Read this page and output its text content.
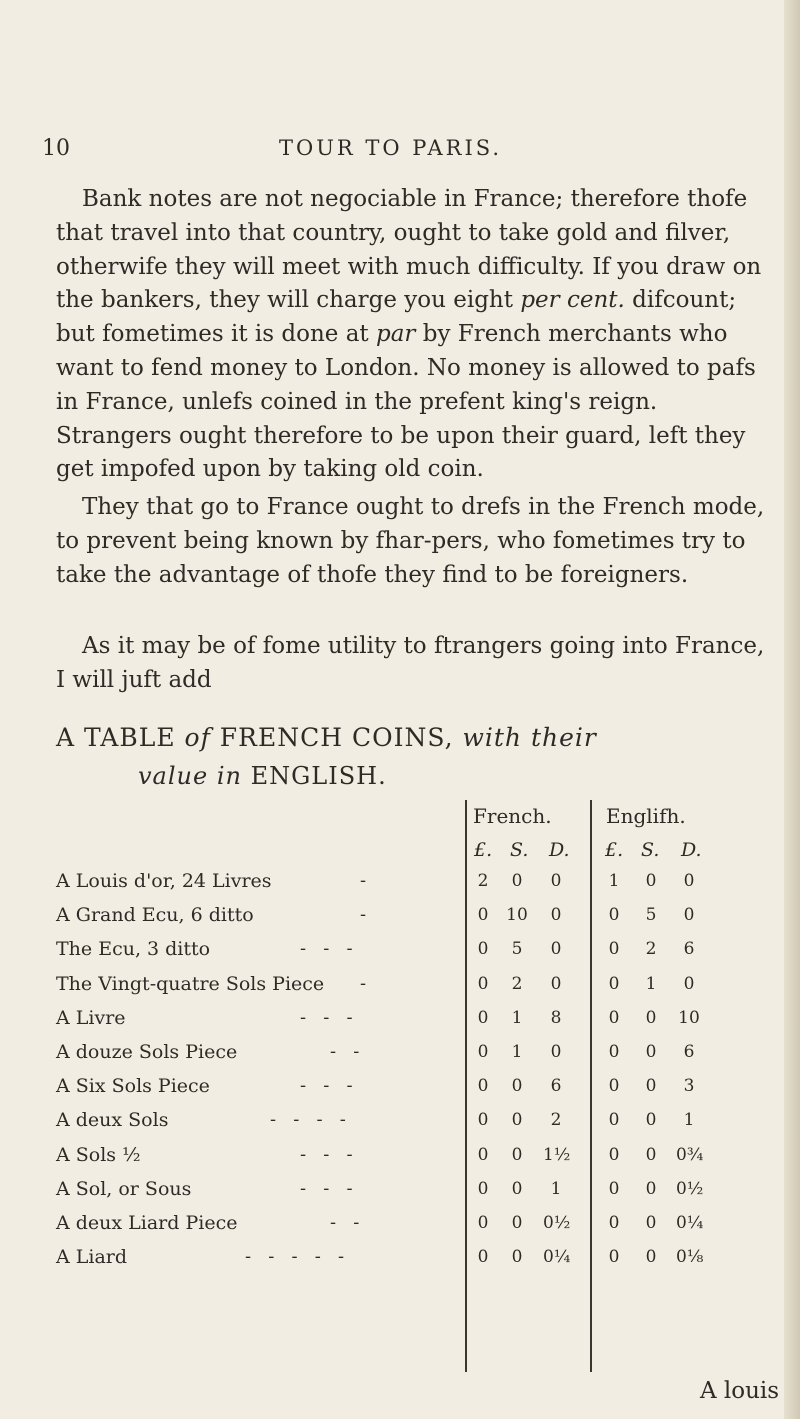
10	TOUR TO PARIS.

Bank notes are not negociable in France; therefore thofe that travel into that country, ought to take gold and filver, otherwife they will meet with much difficulty. If you draw on the bankers, they will charge you eight per cent. difcount; but fometimes it is done at par by French merchants who want to fend money to London. No money is allowed to pafs in France, unlefs coined in the prefent king's reign. Strangers ought therefore to be upon their guard, left they get impofed upon by taking old coin.

They that go to France ought to drefs in the French mode, to prevent being known by fhar-pers, who fometimes try to take the advantage of thofe they find to be foreigners.

As it may be of fome utility to ftrangers going into France, I will juft add

A TABLE of FRENCH COINS, with their
value in ENGLISH.
French.	Englifh.
£. S. D. £. S. D.
A Louis d'or, 24 Livres	-	2	0	0	1	0	0
A Grand Ecu, 6 ditto	-	0	10	0	0	5	0
The Ecu, 3 ditto	-   -   -	0	5	0	0	2	6
The Vingt-quatre Sols Piece -	0	2	0	0	1	0
A Livre	-   -   -	0	1	8	0	0	10
A douze Sols Piece	-   -	0	1	0	0	0	6
A Six Sols Piece	-   -   -	0	0	6	0	0	3
A deux Sols	-   -   -   -	0	0	2	0	0	1
A Sols ½	-   -   -	0	0	1½	0	0	0¾
A Sol, or Sous	-   -   -	0	0	1	0	0	0½
A deux Liard Piece	-   -	0	0	0½	0	0	0¼
A Liard	-   -   -   -   -	0	0	0¼	0	0	0⅛
A louis
